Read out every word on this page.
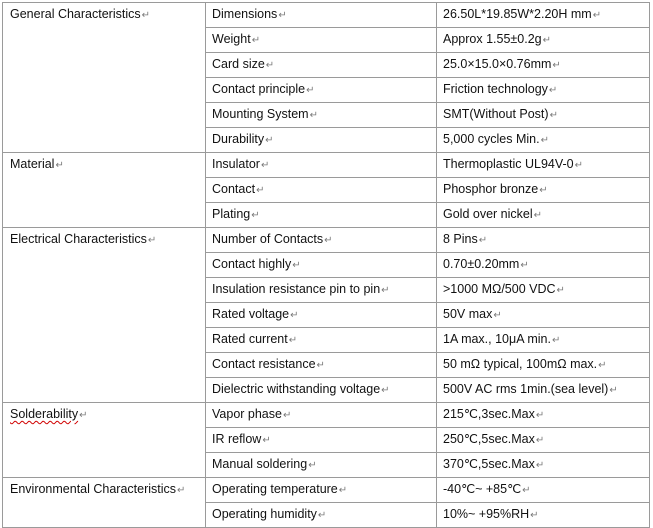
General Characteristics↵	Dimensions↵	26.50L*19.85W*2.20H mm↵
	Weight↵	Approx 1.55±0.2g↵
	Card size↵	25.0×15.0×0.76mm↵
	Contact principle↵	Friction technology↵
	Mounting System↵	SMT(Without Post)↵
	Durability↵	5,000 cycles Min.↵
Material↵	Insulator↵	Thermoplastic UL94V-0↵
	Contact↵	Phosphor bronze↵
	Plating↵	Gold over nickel↵
Electrical Characteristics↵	Number of Contacts↵	8 Pins↵
	Contact highly↵	0.70±0.20mm↵
	Insulation resistance pin to pin↵	>1000 MΩ/500 VDC↵
	Rated voltage↵	50V max↵
	Rated current↵	1A max., 10μA min.↵
	Contact resistance↵	50 mΩ typical, 100mΩ max.↵
	Dielectric withstanding voltage↵	500V AC rms 1min.(sea level)↵
Solderability↵	Vapor phase↵	215℃,3sec.Max↵
	IR reflow↵	250℃,5sec.Max↵
	Manual soldering↵	370℃,5sec.Max↵
Environmental Characteristics↵	Operating temperature↵	-40℃~ +85℃↵
	Operating humidity↵	10%~ +95%RH↵
